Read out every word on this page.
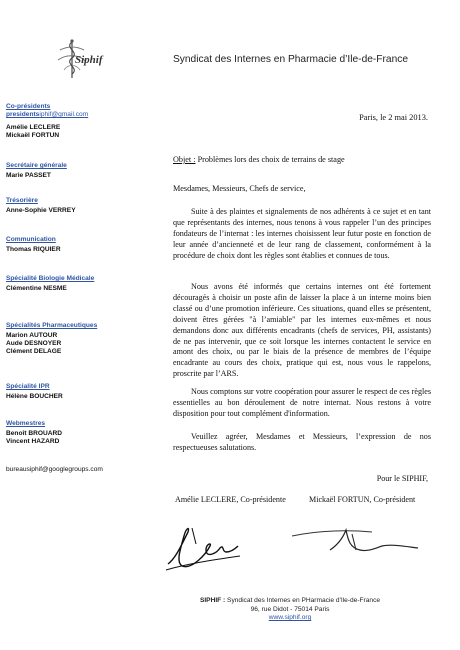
Siphif	Syndicat des Internes en Pharmacie d’Ile-de-France
Co-présidents
presidentsiphif@gmail.com
Amélie LECLERE
Mickaël FORTUN
Secrétaire générale
Marie PASSET
Trésorière
Anne-Sophie VERREY
Communication
Thomas RIQUIER
Spécialité Biologie Médicale
Clémentine NESME
Spécialités Pharmaceutiques
Marion AUTOUR
Aude DESNOYER
Clément DELAGE
Spécialité IPR
Hélène BOUCHER
Webmestres
Benoît BROUARD
Vincent HAZARD
bureausiphif@googlegroups.com
Paris, le 2 mai 2013.
Objet : Problèmes lors des choix de terrains de stage
Mesdames, Messieurs, Chefs de service,
Suite à des plaintes et signalements de nos adhérents à ce sujet et en tant que représentants des internes, nous tenons à vous rappeler l’un des principes fondateurs de l’internat : les internes choisissent leur futur poste en fonction de leur année d’ancienneté et de leur rang de classement, conformément à la procédure de choix dont les règles sont établies et connues de tous.
Nous avons été informés que certains internes ont été fortement découragés à choisir un poste afin de laisser la place à un interne moins bien classé ou d’une promotion inférieure. Ces situations, quand elles se présentent, doivent êtres gérées "à l’amiable" par les internes eux-mêmes et nous demandons donc aux différents encadrants (chefs de services, PH, assistants) de ne pas intervenir, que ce soit lorsque les internes contactent le service en amont des choix, ou par le biais de la présence de membres de l’équipe encadrante au cours des choix, pratique qui est, nous vous le rappelons, proscrite par l’ARS.
Nous comptons sur votre coopération pour assurer le respect de ces règles essentielles au bon déroulement de notre internat. Nous restons à votre disposition pour tout complément d'information.
Veuillez agréer, Mesdames et Messieurs, l’expression de nos respectueuses salutations.
Pour le SIPHIF,
Amélie LECLERE, Co-présidente	Mickaël FORTUN, Co-président
SIPHIF : Syndicat des Internes en PHarmacie d'Ile-de-France
96, rue Didot - 75014 Paris
www.siphif.org
